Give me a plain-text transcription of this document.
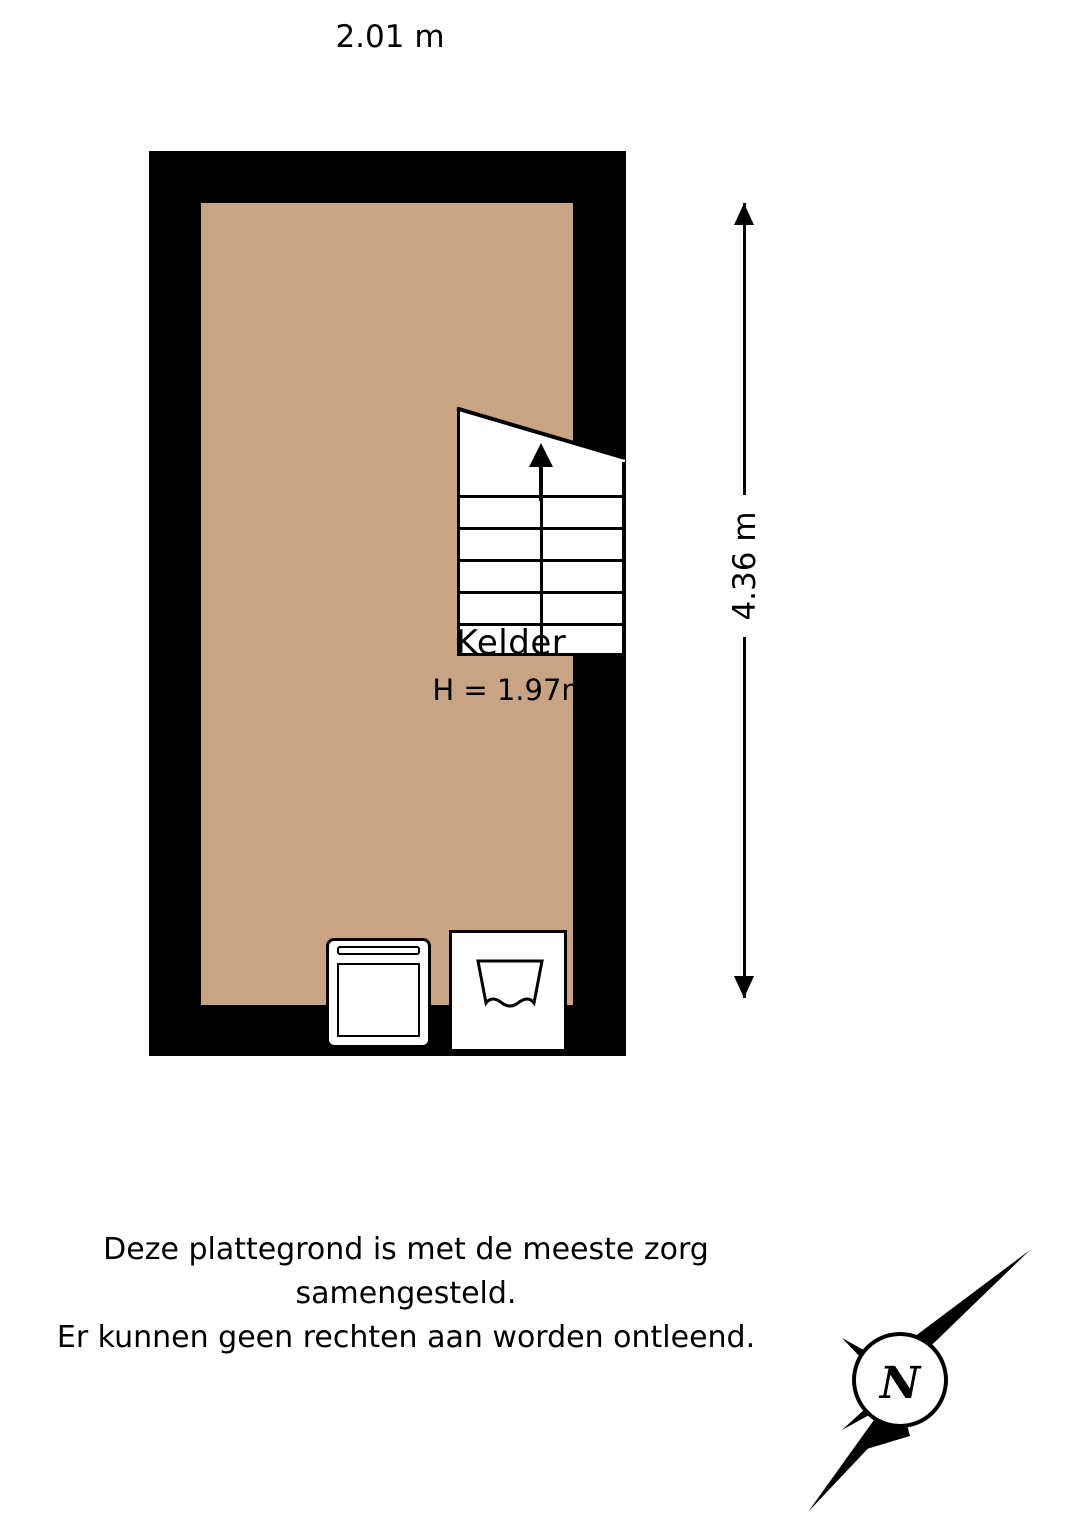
2.01 m
4.36 m
Kelder
H = 1.97m
Deze plattegrond is met de meeste zorg samengesteld.
Er kunnen geen rechten aan worden ontleend.
N
